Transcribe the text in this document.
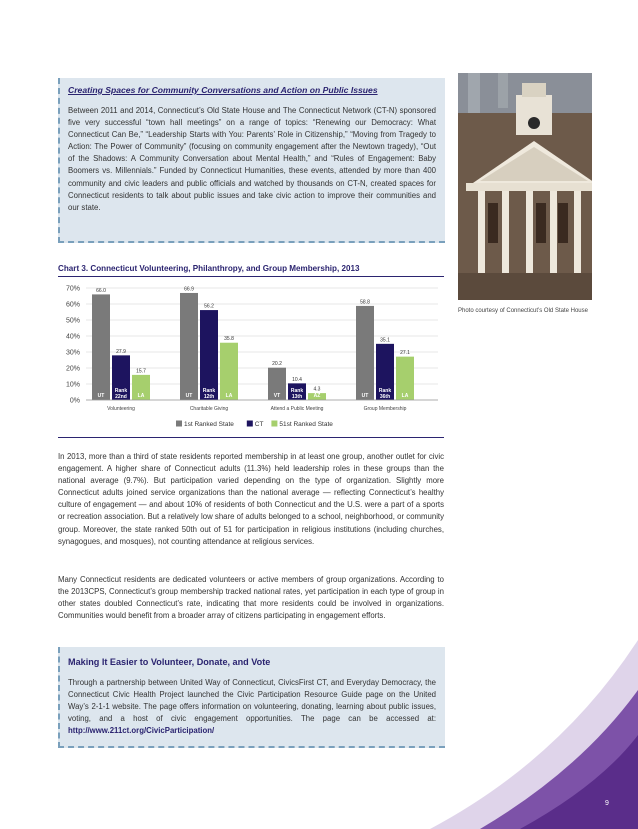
Creating Spaces for Community Conversations and Action on Public Issues
Between 2011 and 2014, Connecticut’s Old State House and The Connecticut Network (CT-N) sponsored five very successful “town hall meetings” on a range of topics: “Renewing our Democracy: What Connecticut Can Be,” “Leadership Starts with You: Parents’ Role in Citizenship,” “Moving from Tragedy to Action: The Power of Community” (focusing on community engagement after the Newtown tragedy), “Out of the Shadows: A Community Conversation about Mental Health,” and “Rules of Engagement: Baby Boomers vs. Millennials.” Funded by Connecticut Humanities, these events, attended by more than 400 community and civic leaders and public officials and watched by thousands on CT-N, created spaces for Connecticut residents to talk about public issues and take civic action to improve their communities and our state.
Photo courtesy of Connecticut’s Old State House
Chart 3. Connecticut Volunteering, Philanthropy, and Group Membership, 2013
0%
10%
20%
30%
40%
50%
60%
70%	66.0
UT
27.9
Rank
22nd
15.7
LA
Volunteering
66.9
UT
56.2
Rank
12th
35.8
LA
Charitable Giving
20.2
VT
10.4
Rank
13th
4.3
AZ
Attend a Public Meeting
58.8
UT
35.1
Rank
36th
27.1
LA
Group Membership
1st Ranked State	CT 51st Ranked State
In 2013, more than a third of state residents reported membership in at least one group, another outlet for civic engagement. A higher share of Connecticut adults (11.3%) held leadership roles in these groups than the national average (9.7%). But participation varied depending on the type of organization. Slightly more Connecticut adults joined service organizations than the national average — reflecting Connecticut’s healthy culture of engagement — and about 10% of residents of both Connecticut and the U.S. were a part of a sports or recreation association. But a relatively low share of adults belonged to a school, neighborhood, or community group. Moreover, the state ranked 50th out of 51 for participation in religious institutions (including churches, synagogues, and mosques), not counting attendance at religious services.
Many Connecticut residents are dedicated volunteers or active members of group organizations. According to the 2013CPS, Connecticut’s group membership tracked national rates, yet participation in each type of group in other states doubled Connecticut’s rate, indicating that more residents could be involved in organizations. Communities would benefit from a broader array of citizens participating in engagement efforts.
Making It Easier to Volunteer, Donate, and Vote
Through a partnership between United Way of Connecticut, CivicsFirst CT, and Everyday Democracy, the Connecticut Civic Health Project launched the Civic Participation Resource Guide page on the United Way’s 2-1-1 website. The page offers information on volunteering, donating, learning about public issues, voting, and a host of civic engagement opportunities. The page can be accessed at: http://www.211ct.org/CivicParticipation/
9
